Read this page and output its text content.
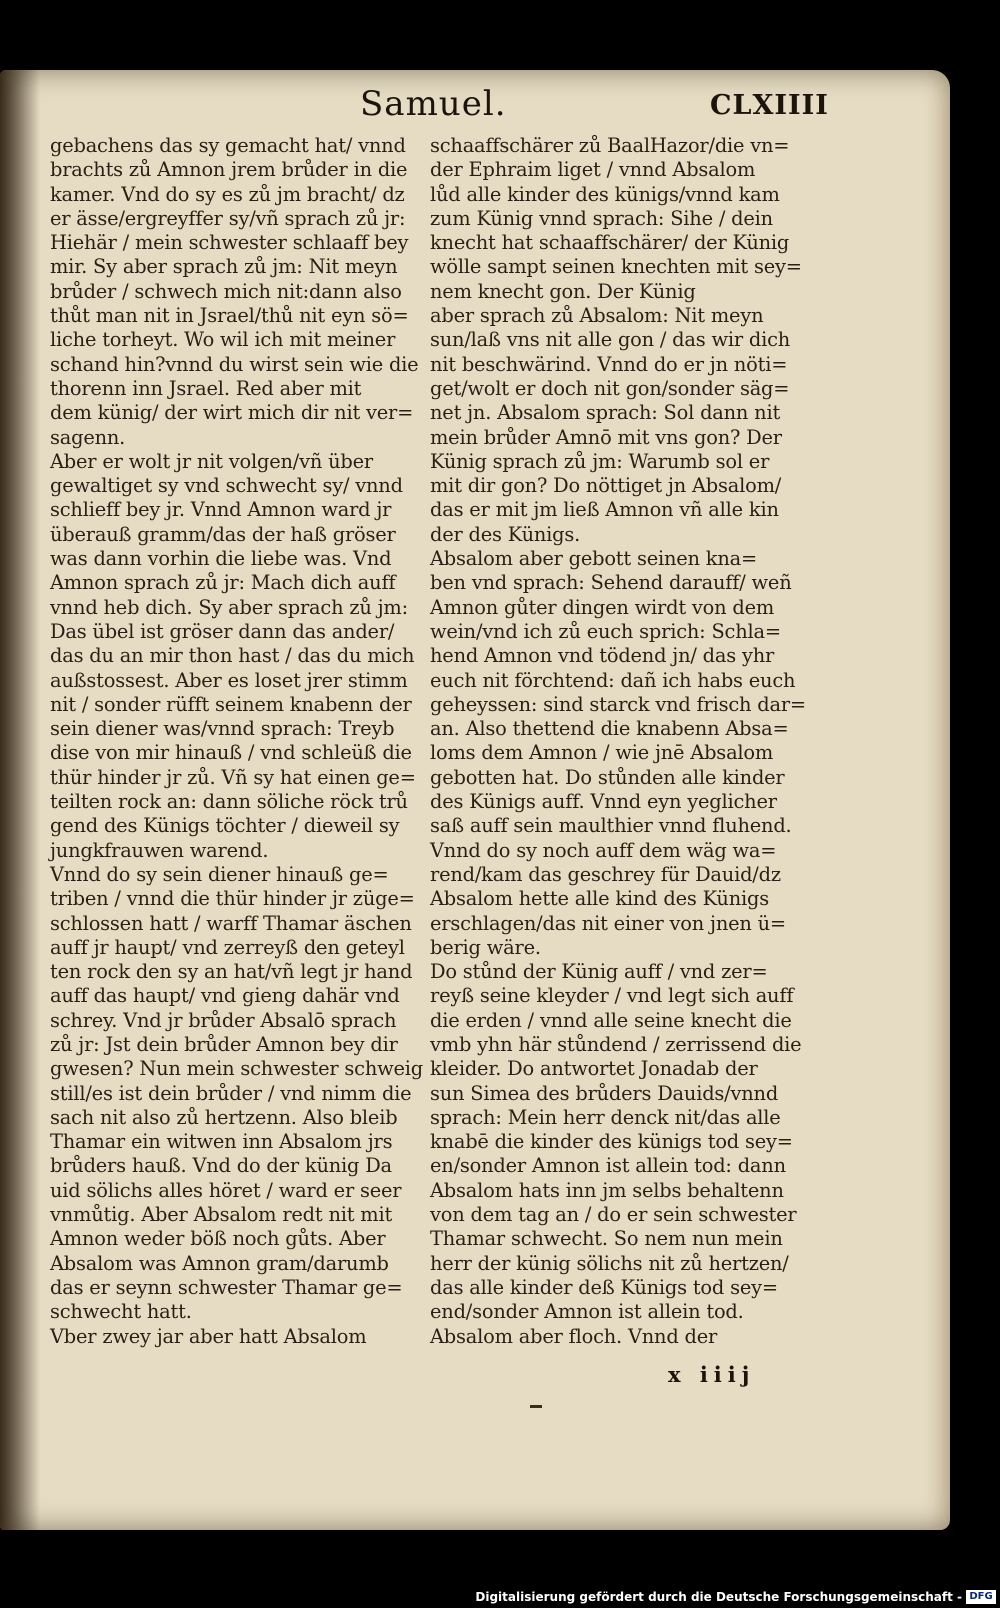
Samuel.	CLXIIII
gebachens das sy gemacht hat/ vnnd
brachts zů Amnon jrem brůder in die
kamer. Vnd do sy es zů jm bracht/ dz
er ässe/ergreyffer sy/vñ sprach zů jr:
Hiehär / mein schwester schlaaff bey
mir. Sy aber sprach zů jm: Nit meyn
brůder / schwech mich nit:dann also
thůt man nit in Jsrael/thů nit eyn sö=
liche torheyt. Wo wil ich mit meiner
schand hin?vnnd du wirst sein wie die
thorenn inn Jsrael. Red aber mit
dem künig/ der wirt mich dir nit ver=
sagenn.
Aber er wolt jr nit volgen/vñ über
gewaltiget sy vnd schwecht sy/ vnnd
schlieff bey jr. Vnnd Amnon ward jr
überauß gramm/das der haß gröser
was dann vorhin die liebe was. Vnd
Amnon sprach zů jr: Mach dich auff
vnnd heb dich. Sy aber sprach zů jm:
Das übel ist gröser dann das ander/
das du an mir thon hast / das du mich
außstossest. Aber es loset jrer stimm
nit / sonder rüfft seinem knabenn der
sein diener was/vnnd sprach: Treyb
dise von mir hinauß / vnd schleüß die
thür hinder jr zů. Vñ sy hat einen ge=
teilten rock an: dann söliche röck trů
gend des Künigs töchter / dieweil sy
jungkfrauwen warend.
Vnnd do sy sein diener hinauß ge=
triben / vnnd die thür hinder jr züge=
schlossen hatt / warff Thamar äschen
auff jr haupt/ vnd zerreyß den geteyl
ten rock den sy an hat/vñ legt jr hand
auff das haupt/ vnd gieng dahär vnd
schrey. Vnd jr brůder Absalō sprach
zů jr: Jst dein brůder Amnon bey dir
gwesen? Nun mein schwester schweig
still/es ist dein brůder / vnd nimm die
sach nit also zů hertzenn. Also bleib
Thamar ein witwen inn Absalom jrs
brůders hauß. Vnd do der künig Da
uid sölichs alles höret / ward er seer
vnmůtig. Aber Absalom redt nit mit
Amnon weder böß noch gůts. Aber
Absalom was Amnon gram/darumb
das er seynn schwester Thamar ge=
schwecht hatt.
Vber zwey jar aber hatt Absalom
schaaffschärer zů BaalHazor/die vn=
der Ephraim liget / vnnd Absalom
lůd alle kinder des künigs/vnnd kam
zum Künig vnnd sprach: Sihe / dein
knecht hat schaaffschärer/ der Künig
wölle sampt seinen knechten mit sey=
nem knecht gon. Der Künig
aber sprach zů Absalom: Nit meyn
sun/laß vns nit alle gon / das wir dich
nit beschwärind. Vnnd do er jn nöti=
get/wolt er doch nit gon/sonder säg=
net jn. Absalom sprach: Sol dann nit
mein brůder Amnō mit vns gon? Der
Künig sprach zů jm: Warumb sol er
mit dir gon? Do nöttiget jn Absalom/
das er mit jm ließ Amnon vñ alle kin
der des Künigs.
Absalom aber gebott seinen kna=
ben vnd sprach: Sehend darauff/ weñ
Amnon gůter dingen wirdt von dem
wein/vnd ich zů euch sprich: Schla=
hend Amnon vnd tödend jn/ das yhr
euch nit förchtend: dañ ich habs euch
geheyssen: sind starck vnd frisch dar=
an. Also thettend die knabenn Absa=
loms dem Amnon / wie jnē Absalom
gebotten hat. Do stůnden alle kinder
des Künigs auff. Vnnd eyn yeglicher
saß auff sein maulthier vnnd fluhend.
Vnnd do sy noch auff dem wäg wa=
rend/kam das geschrey für Dauid/dz
Absalom hette alle kind des Künigs
erschlagen/das nit einer von jnen ü=
berig wäre.
Do stůnd der Künig auff / vnd zer=
reyß seine kleyder / vnd legt sich auff
die erden / vnnd alle seine knecht die
vmb yhn här stůndend / zerrissend die
kleider. Do antwortet Jonadab der
sun Simea des brůders Dauids/vnnd
sprach: Mein herr denck nit/das alle
knabē die kinder des künigs tod sey=
en/sonder Amnon ist allein tod: dann
Absalom hats inn jm selbs behaltenn
von dem tag an / do er sein schwester
Thamar schwecht. So nem nun mein
herr der künig sölichs nit zů hertzen/
das alle kinder deß Künigs tod sey=
end/sonder Amnon ist allein tod.
Absalom aber floch. Vnnd der
x iiij
Digitalisierung gefördert durch die Deutsche Forschungsgemeinschaft - DFG
